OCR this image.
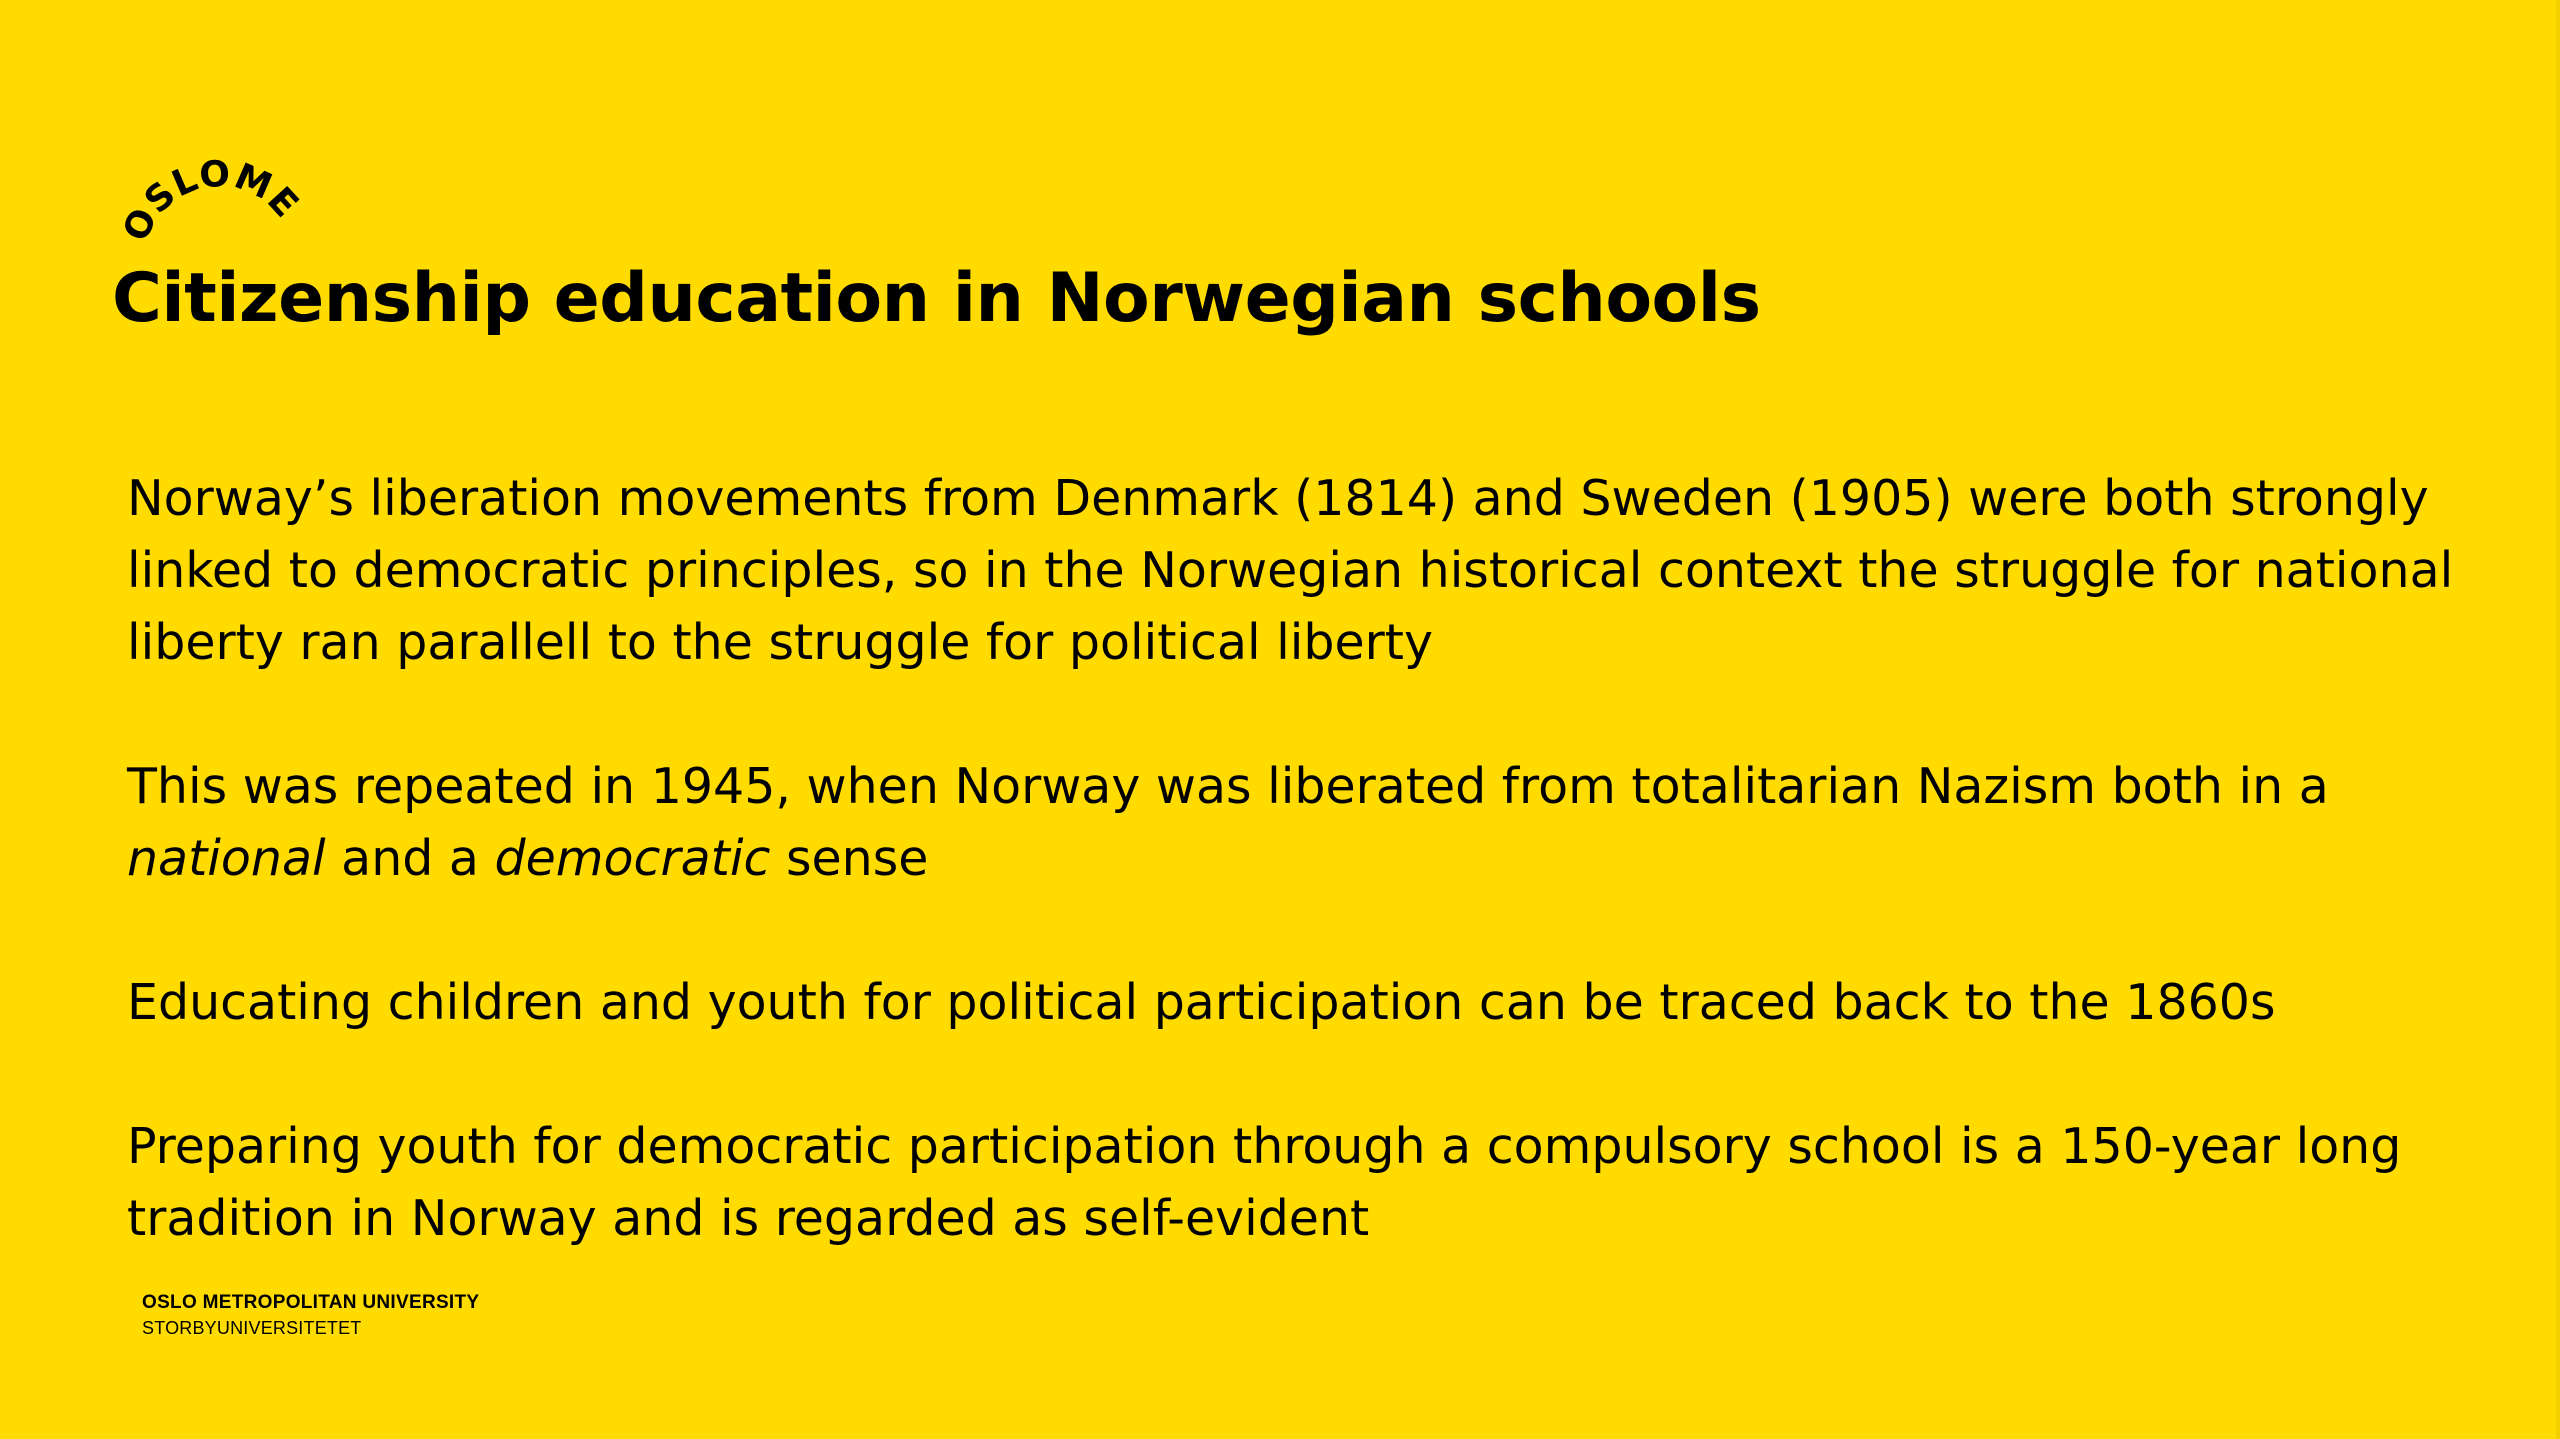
OSLOMET
Citizenship education in Norwegian schools

Norway’s liberation movements from Denmark (1814) and Sweden (1905) were both strongly linked to democratic principles, so in the Norwegian historical context the struggle for national liberty ran parallell to the struggle for political liberty

This was repeated in 1945, when Norway was liberated from totalitarian Nazism both in a national and a democratic sense

Educating children and youth for political participation can be traced back to the 1860s

Preparing youth for democratic participation through a compulsory school is a 150-year long tradition in Norway and is regarded as self-evident

OSLO METROPOLITAN UNIVERSITY
STORBYUNIVERSITETET
